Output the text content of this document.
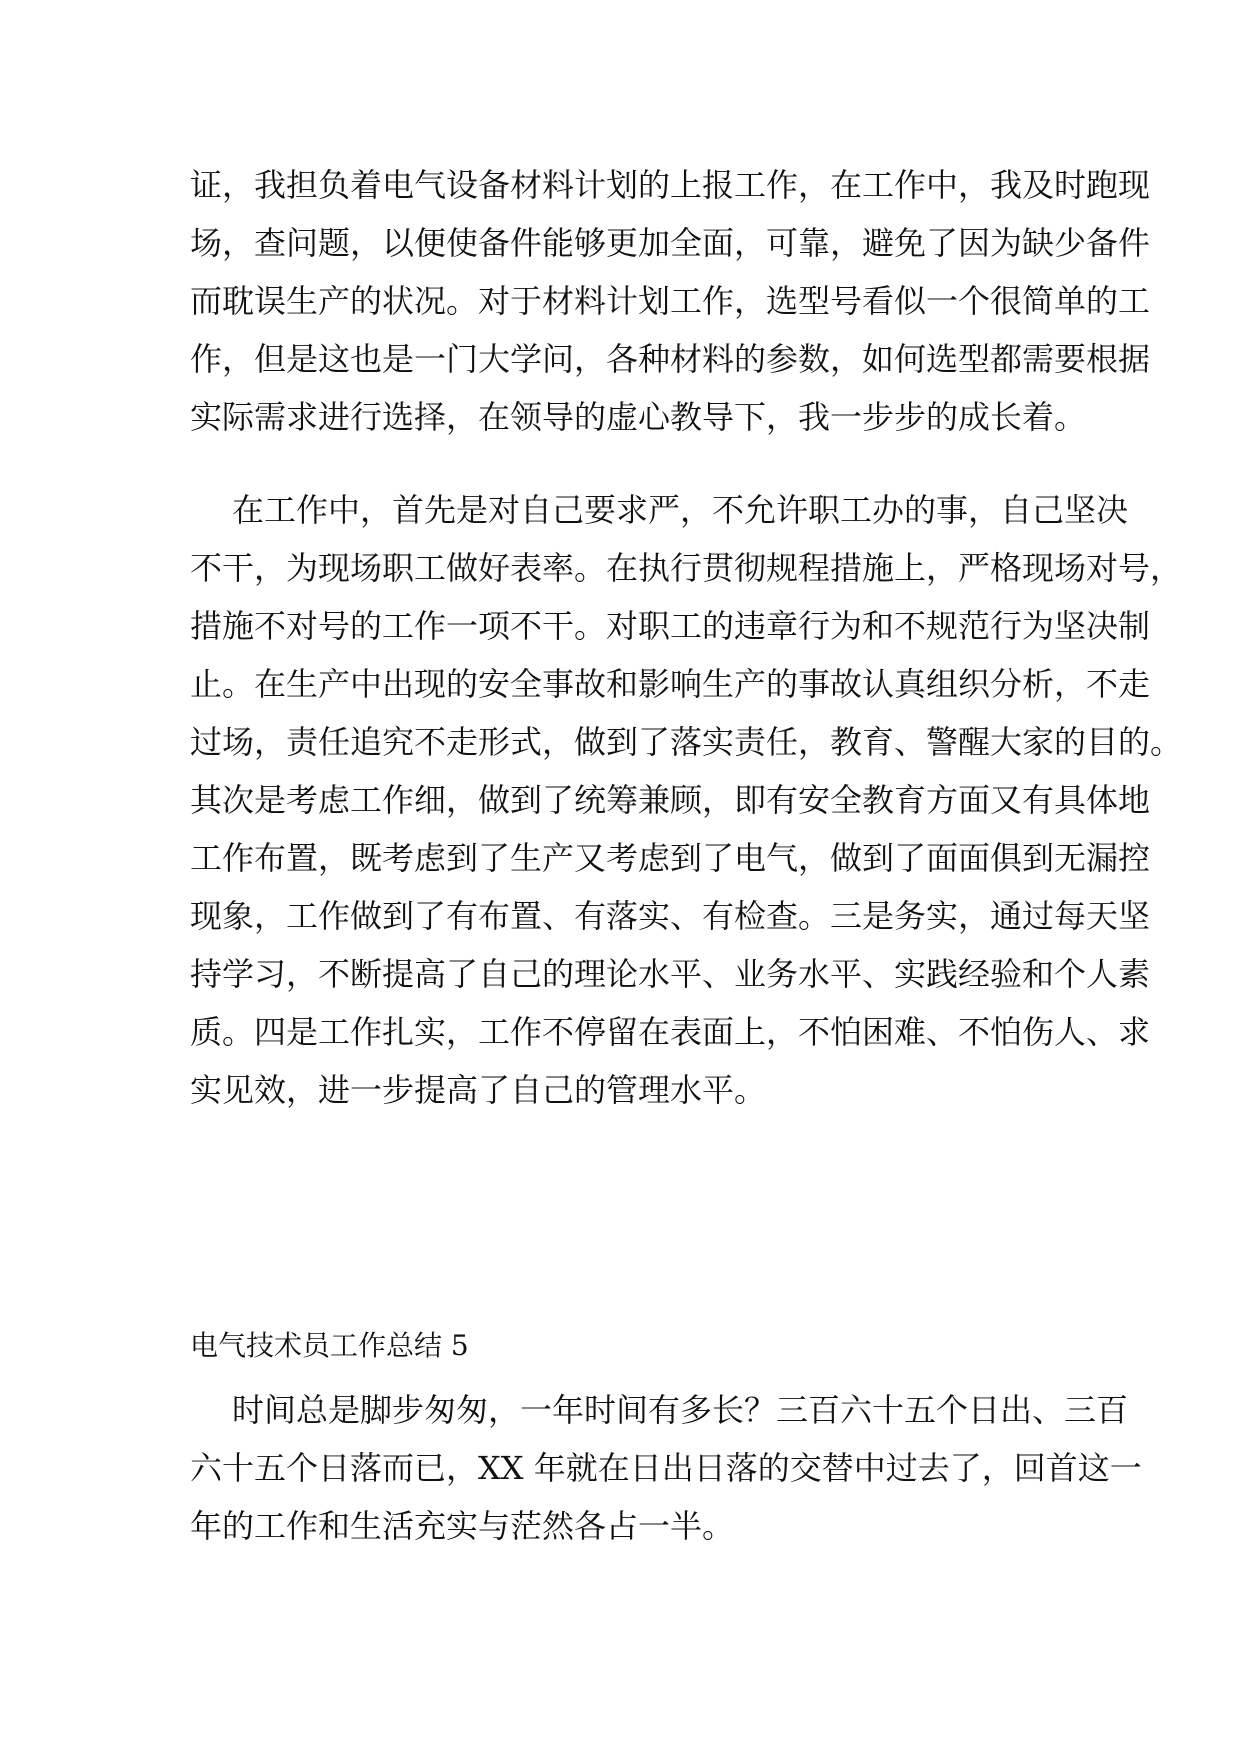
证，我担负着电气设备材料计划的上报工作，在工作中，我及时跑现
场，查问题，以便使备件能够更加全面，可靠，避免了因为缺少备件
而耽误生产的状况。对于材料计划工作，选型号看似一个很简单的工
作，但是这也是一门大学问，各种材料的参数，如何选型都需要根据
实际需求进行选择，在领导的虚心教导下，我一步步的成长着。
在工作中，首先是对自己要求严，不允许职工办的事，自己坚决
不干，为现场职工做好表率。在执行贯彻规程措施上，严格现场对号，
措施不对号的工作一项不干。对职工的违章行为和不规范行为坚决制
止。在生产中出现的安全事故和影响生产的事故认真组织分析，不走
过场，责任追究不走形式，做到了落实责任，教育、警醒大家的目的。
其次是考虑工作细，做到了统筹兼顾，即有安全教育方面又有具体地
工作布置，既考虑到了生产又考虑到了电气，做到了面面俱到无漏控
现象，工作做到了有布置、有落实、有检查。三是务实，通过每天坚
持学习，不断提高了自己的理论水平、业务水平、实践经验和个人素
质。四是工作扎实，工作不停留在表面上，不怕困难、不怕伤人、求
实见效，进一步提高了自己的管理水平。
电气技术员工作总结 5
时间总是脚步匆匆，一年时间有多长？三百六十五个日出、三百
六十五个日落而已，XX 年就在日出日落的交替中过去了，回首这一
年的工作和生活充实与茫然各占一半。
